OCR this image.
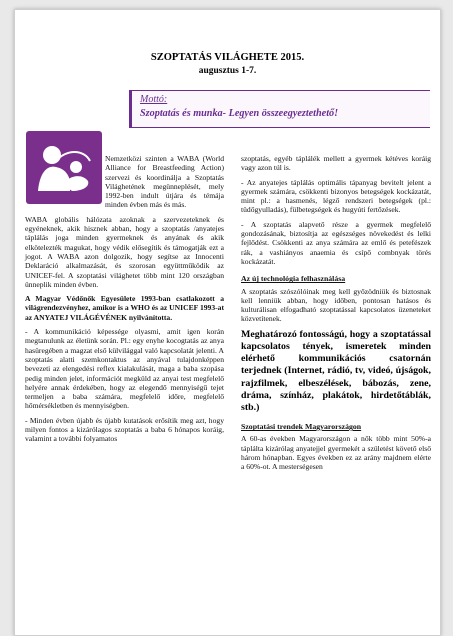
SZOPTATÁS VILÁGHETE 2015.
augusztus 1-7.
Mottó:
Szoptatás és munka- Legyen összeegyeztethető!

Nemzetközi szinten a WABA (World Alliance for Breastfeeding Action) szervezi és koordinálja a Szoptatás Világhetének megünneplését, mely 1992-ben indult útjára és témája minden évben más és más.

WABA globális hálózata azoknak a szervezeteknek és egyéneknek, akik hisznek abban, hogy a szoptatás /anyatejes táplálás joga minden gyermeknek és anyának és akik elkötelezték magukat, hogy védik elősegítik és támogatják ezt a jogot. A WABA azon dolgozik, hogy segítse az Innocenti Deklaráció alkalmazását, és szorosan együttműködik az UNICEF-fel. A szoptatási világhetet több mint 120 országban ünneplik minden évben.

A Magyar Védőnők Egyesülete 1993-ban csatlakozott a világrendezvényhez, amikor is a WHO és az UNICEF 1993-at az ANYATEJ VILÁGÉVÉNEK nyilvánította.

- A kommunikáció képessége olyasmi, amit igen korán megtanulunk az életünk során. Pl.: egy enyhe kocogtatás az anya hasüregében a magzat első külvilággal való kapcsolatát jelenti. A szoptatás alatti szemkontaktus az anyával tulajdonképpen bevezeti az elengedési reflex kialakulását, maga a baba szopása pedig minden jelet, információt megküld az anyai test megfelelő helyére annak érdekében, hogy az elegendő mennyiségű tejet termeljen a baba számára, megfelelő időre, megfelelő hőmérsékletben és mennyiségben.

- Minden évben újabb és újabb kutatások erősítik meg azt, hogy milyen fontos a kizárólagos szoptatás a baba 6 hónapos koráig, valamint a további folyamatos

szoptatás, egyéb táplálék mellett a gyermek kétéves koráig vagy azon túl is.

- Az anyatejes táplálás optimális tápanyag bevitelt jelent a gyermek számára, csökkenti bizonyos betegségek kockázatát, mint pl.: a hasmenés, légző rendszeri betegségek (pl.: tüdőgyulladás), fülbetegségek és hugyúti fertőzések.

- A szoptatás alapvető része a gyermek megfelelő gondozásának, biztosítja az egészséges növekedést és lelki fejlődést. Csökkenti az anya számára az emlő és petefészek rák, a vashiányos anaemia és csípő combnyak törés kockázatát.

Az új technológia felhasználása

A szoptatás szószólóinak meg kell győzödniük és biztosnak kell lenniük abban, hogy időben, pontosan hatásos és kulturálisan elfogadható szoptatással kapcsolatos üzeneteket közvetítenek.

Meghatározó fontosságú, hogy a szoptatással kapcsolatos tények, ismeretek minden elérhető kommunikációs csatornán terjednek (Internet, rádió, tv, videó, újságok, rajzfilmek, elbeszélések, bábozás, zene, dráma, színház, plakátok, hirdetőtáblák, stb.)

Szoptatási trendek Magyarországon

A 60-as években Magyarországon a nők több mint 50%-a táplálta kizárólag anyatejjel gyermekét a születést követő első három hónapban. Egyes években ez az arány majdnem elérte a 60%-ot. A mesterségesen
